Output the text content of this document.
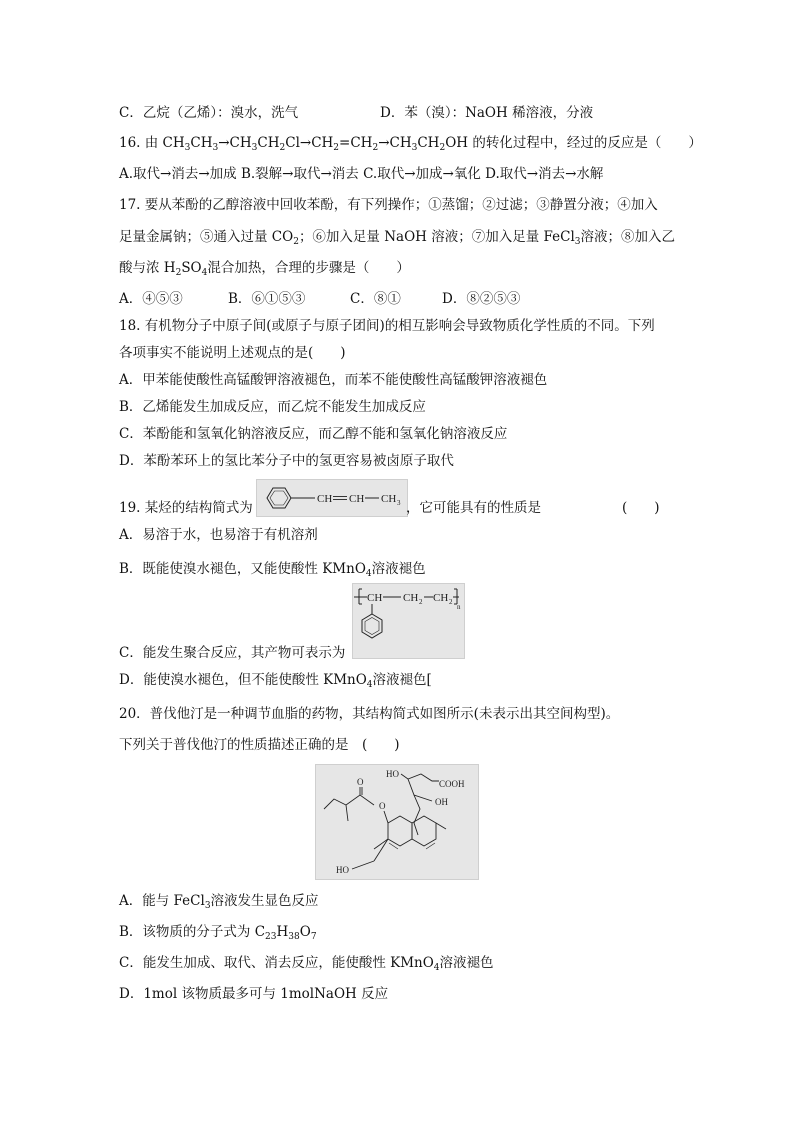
C．乙烷（乙烯）：溴水，洗气	D．苯（溴）：NaOH 稀溶液，分液
16. 由 $CH_3CH_3\to CH_3CH_2Cl\to CH_2=CH_2\to CH_3CH_2OH$ 的转化过程中，经过的反应是（　　）
A.取代→消去→加成 B.裂解→取代→消去 C.取代→加成→氧化 D.取代→消去→水解
17. 要从苯酚的乙醇溶液中回收苯酚，有下列操作；①蒸馏；②过滤；③静置分液；④加入
足量金属钠；⑤通入过量 $CO_2$；⑥加入足量 NaOH 溶液；⑦加入足量 FeCl$_3$溶液；⑧加入乙
酸与浓 $H_2SO_4$混合加热，合理的步骤是（　　）
A．④⑤③	B．⑥①⑤③	C．⑧①	D．⑧②⑤③
18. 有机物分子中原子间(或原子与原子团间)的相互影响会导致物质化学性质的不同。下列
各项事实不能说明上述观点的是(　　)
A．甲苯能使酸性高锰酸钾溶液褪色，而苯不能使酸性高锰酸钾溶液褪色
B．乙烯能发生加成反应，而乙烷不能发生加成反应
C．苯酚能和氢氧化钠溶液反应，而乙醇不能和氢氧化钠溶液反应
D．苯酚苯环上的氢比苯分子中的氢更容易被卤原子取代
19. 某烃的结构简式为
CH CH CH 3 ，它可能具有的性质是	(　　)
A．易溶于水，也易溶于有机溶剂
B．既能使溴水褪色，又能使酸性 KMnO$_4$溶液褪色
C．能发生聚合反应，其产物可表示为
CH CH 2 CH 2
n
D．能使溴水褪色，但不能使酸性 KMnO$_4$溶液褪色[
20．普伐他汀是一种调节血脂的药物，其结构简式如图所示(未表示出其空间构型)。
下列关于普伐他汀的性质描述正确的是　(　　)
HO
COOH
OH
O
O
HO
A．能与 FeCl$_3$溶液发生显色反应
B．该物质的分子式为 $C_{23}H_{38}O_7$
C．能发生加成、取代、消去反应，能使酸性 KMnO$_4$溶液褪色
D．1mol 该物质最多可与 1molNaOH 反应
